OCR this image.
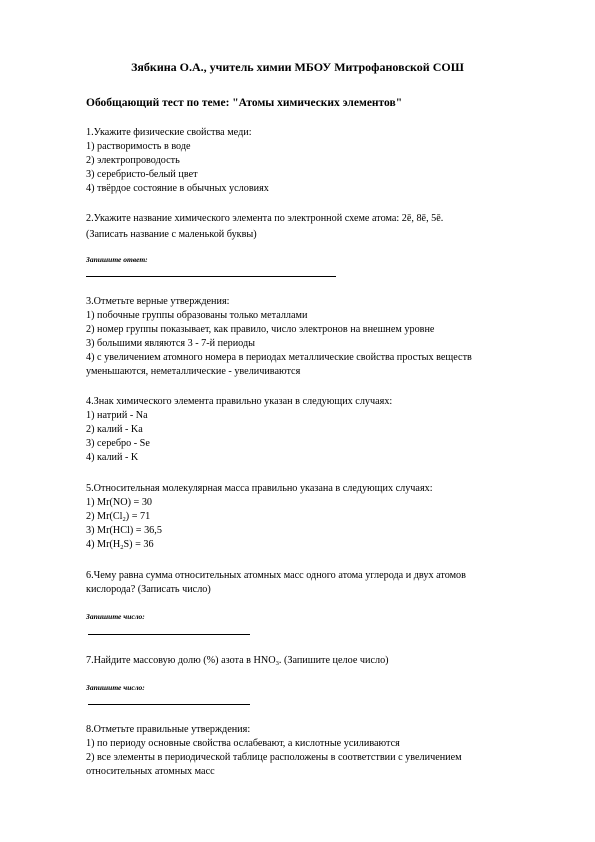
Зябкина О.А., учитель химии МБОУ Митрофановской СОШ
Обобщающий тест по теме: "Атомы химических элементов"
1.Укажите физические свойства меди:
1) растворимость в воде
2) электропроводость
3) серебристо-белый цвет
4) твёрдое состояние в обычных условиях
2.Укажите название химического элемента по электронной схеме атома: 2ē, 8ē, 5ē.
(Записать название с маленькой буквы)
Запишите ответ:
3.Отметьте верные утверждения:
1) побочные группы образованы только металлами
2) номер группы показывает, как правило, число электронов на внешнем уровне
3) большими являются 3 - 7-й периоды
4) с увеличением атомного номера в периодах металлические свойства простых веществ
уменьшаются, неметаллические - увеличиваются
4.Знак химического элемента правильно указан в следующих случаях:
1) натрий - Na
2) калий - Ka
3) серебро - Se
4) калий - K
5.Относительная молекулярная масса правильно указана в следующих случаях:
1) Mr(NO) = 30
2) $Mr(Cl_2) = 71$
3) Mr(HCl) = 36,5
4) $Mr(H_2S) = 36$
6.Чему равна сумма относительных атомных масс одного атома углерода и двух атомов
кислорода? (Записать число)
Запишите число:
7.Найдите массовую долю (%) азота в $HNO_3$. (Запишите целое число)
Запишите число:
8.Отметьте правильные утверждения:
1) по периоду основные свойства ослабевают, а кислотные усиливаются
2) все элементы в периодической таблице расположены в соответствии с увеличением
относительных атомных масс
